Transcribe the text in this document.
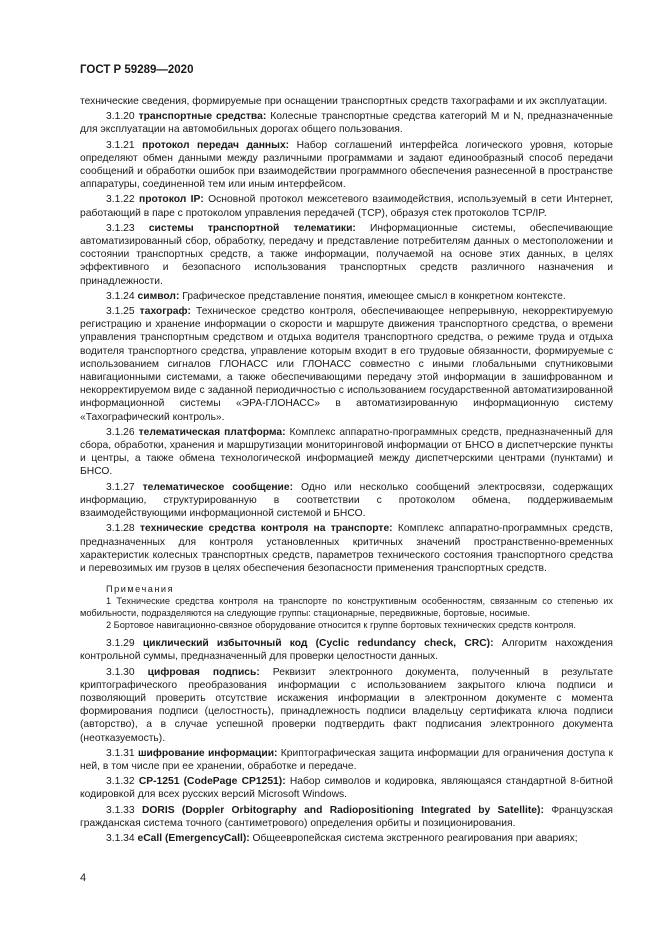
ГОСТ Р 59289—2020

технические сведения, формируемые при оснащении транспортных средств тахографами и их эксплуатации.

3.1.20 транспортные средства: Колесные транспортные средства категорий M и N, предназначенные для эксплуатации на автомобильных дорогах общего пользования.

3.1.21 протокол передач данных: Набор соглашений интерфейса логического уровня, которые определяют обмен данными между различными программами и задают единообразный способ передачи сообщений и обработки ошибок при взаимодействии программного обеспечения разнесенной в пространстве аппаратуры, соединенной тем или иным интерфейсом.

3.1.22 протокол IP: Основной протокол межсетевого взаимодействия, используемый в сети Интернет, работающий в паре с протоколом управления передачей (TCP), образуя стек протоколов TCP/IP.

3.1.23 системы транспортной телематики: Информационные системы, обеспечивающие автоматизированный сбор, обработку, передачу и представление потребителям данных о местоположении и состоянии транспортных средств, а также информации, получаемой на основе этих данных, в целях эффективного и безопасного использования транспортных средств различного назначения и принадлежности.

3.1.24 символ: Графическое представление понятия, имеющее смысл в конкретном контексте.

3.1.25 тахограф: Техническое средство контроля, обеспечивающее непрерывную, некорректируемую регистрацию и хранение информации о скорости и маршруте движения транспортного средства, о времени управления транспортным средством и отдыха водителя транспортного средства, о режиме труда и отдыха водителя транспортного средства, управление которым входит в его трудовые обязанности, формируемые с использованием сигналов ГЛОНАСС или ГЛОНАСС совместно с иными глобальными спутниковыми навигационными системами, а также обеспечивающими передачу этой информации в зашифрованном и некорректируемом виде с заданной периодичностью с использованием государственной автоматизированной информационной системы «ЭРА-ГЛОНАСС» в автоматизированную информационную систему «Тахографический контроль».

3.1.26 телематическая платформа: Комплекс аппаратно-программных средств, предназначенный для сбора, обработки, хранения и маршрутизации мониторинговой информации от БНСО в диспетчерские пункты и центры, а также обмена технологической информацией между диспетчерскими центрами (пунктами) и БНСО.

3.1.27 телематическое сообщение: Одно или несколько сообщений электросвязи, содержащих информацию, структурированную в соответствии с протоколом обмена, поддерживаемым взаимодействующими информационной системой и БНСО.

3.1.28 технические средства контроля на транспорте: Комплекс аппаратно-программных средств, предназначенных для контроля установленных критичных значений пространственно-временных характеристик колесных транспортных средств, параметров технического состояния транспортного средства и перевозимых им грузов в целях обеспечения безопасности применения транспортных средств.

Примечания

1 Технические средства контроля на транспорте по конструктивным особенностям, связанным со степенью их мобильности, подразделяются на следующие группы: стационарные, передвижные, бортовые, носимые.

2 Бортовое навигационно-связное оборудование относится к группе бортовых технических средств контроля.

3.1.29 циклический избыточный код (Cyclic redundancy check, CRC): Алгоритм нахождения контрольной суммы, предназначенный для проверки целостности данных.

3.1.30 цифровая подпись: Реквизит электронного документа, полученный в результате криптографического преобразования информации с использованием закрытого ключа подписи и позволяющий проверить отсутствие искажения информации в электронном документе с момента формирования подписи (целостность), принадлежность подписи владельцу сертификата ключа подписи (авторство), а в случае успешной проверки подтвердить факт подписания электронного документа (неотказуемость).

3.1.31 шифрование информации: Криптографическая защита информации для ограничения доступа к ней, в том числе при ее хранении, обработке и передаче.

3.1.32 CP-1251 (CodePage CP1251): Набор символов и кодировка, являющаяся стандартной 8-битной кодировкой для всех русских версий Microsoft Windows.

3.1.33 DORIS (Doppler Orbitography and Radiopositioning Integrated by Satellite): Французская гражданская система точного (сантиметрового) определения орбиты и позиционирования.

3.1.34 eCall (EmergencyCall): Общеевропейская система экстренного реагирования при авариях;

4
